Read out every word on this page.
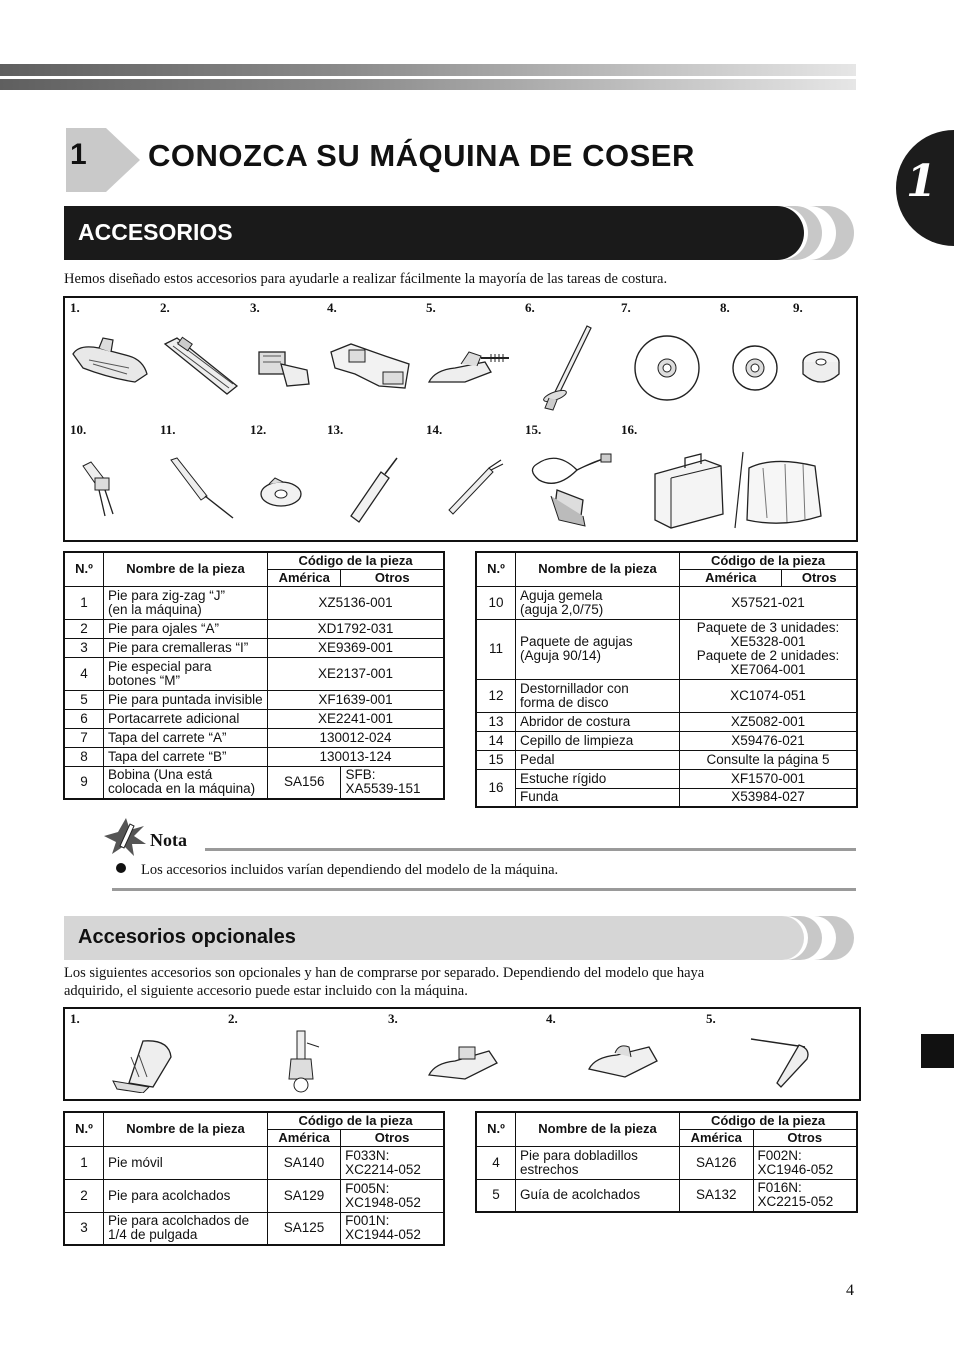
1
1 CONOZCA SU MÁQUINA DE COSER
ACCESORIOS
Hemos diseñado estos accesorios para ayudarle a realizar fácilmente la mayoría de las tareas de costura.
1.	2.	3.	4.	5.	6.	7.	8.	9.
10.	11.	12.	13.	14.	15.	16.
N.º	Nombre de la pieza	Código de la pieza	
		América	Otros
1	Pie para zig-zag “J”
(en la máquina)	XZ5136-001	
2	Pie para ojales “A”	XD1792-031	
3	Pie para cremalleras “I”	XE9369-001	
4	Pie especial para
botones “M”	XE2137-001	
5	Pie para puntada invisible	XF1639-001	
6	Portacarrete adicional	XE2241-001	
7	Tapa del carrete “A”	130012-024	
8	Tapa del carrete “B”	130013-124	
9	Bobina (Una está
colocada en la máquina)	SA156	SFB:
XA5539-151
N.º	Nombre de la pieza	Código de la pieza	
		América	Otros
10	Aguja gemela
(aguja 2,0/75)	X57521-021	
11	Paquete de agujas
(Aguja 90/14)	Paquete de 3 unidades:
XE5328-001
Paquete de 2 unidades:
XE7064-001	
12	Destornillador con
forma de disco	XC1074-051	
13	Abridor de costura	XZ5082-001	
14	Cepillo de limpieza	X59476-021	
15	Pedal	Consulte la página 5	
16	Estuche rígido	XF1570-001	
	Funda	X53984-027	
Nota
Los accesorios incluidos varían dependiendo del modelo de la máquina.
Accesorios opcionales
Los siguientes accesorios son opcionales y han de comprarse por separado. Dependiendo del modelo que haya
adquirido, el siguiente accesorio puede estar incluido con la máquina.
1.	2.	3.	4.	5.
N.º	Nombre de la pieza	Código de la pieza	
		América	Otros
1	Pie móvil	SA140	F033N:
XC2214-052
2	Pie para acolchados	SA129	F005N:
XC1948-052
3	Pie para acolchados de
1/4 de pulgada	SA125	F001N:
XC1944-052
N.º	Nombre de la pieza	Código de la pieza	
		América	Otros
4	Pie para dobladillos
estrechos	SA126	F002N:
XC1946-052
5	Guía de acolchados	SA132	F016N:
XC2215-052
4
